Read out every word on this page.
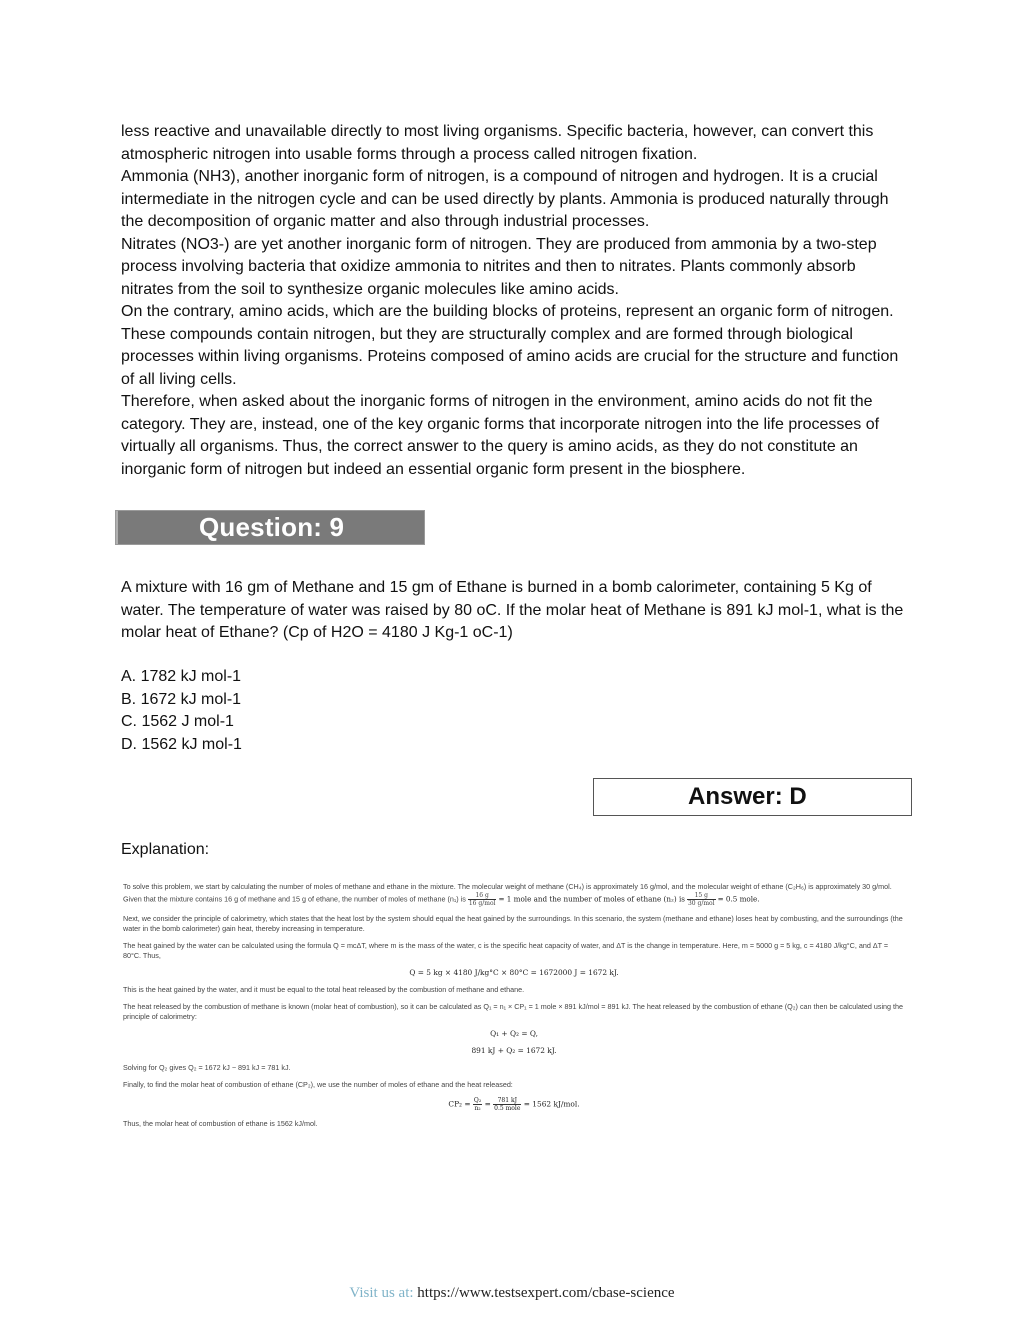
less reactive and unavailable directly to most living organisms. Specific bacteria, however, can convert this atmospheric nitrogen into usable forms through a process called nitrogen fixation.

Ammonia (NH3), another inorganic form of nitrogen, is a compound of nitrogen and hydrogen. It is a crucial intermediate in the nitrogen cycle and can be used directly by plants. Ammonia is produced naturally through the decomposition of organic matter and also through industrial processes.

Nitrates (NO3-) are yet another inorganic form of nitrogen. They are produced from ammonia by a two-step process involving bacteria that oxidize ammonia to nitrites and then to nitrates. Plants commonly absorb nitrates from the soil to synthesize organic molecules like amino acids.

On the contrary, amino acids, which are the building blocks of proteins, represent an organic form of nitrogen. These compounds contain nitrogen, but they are structurally complex and are formed through biological processes within living organisms. Proteins composed of amino acids are crucial for the structure and function of all living cells.

Therefore, when asked about the inorganic forms of nitrogen in the environment, amino acids do not fit the category. They are, instead, one of the key organic forms that incorporate nitrogen into the life processes of virtually all organisms. Thus, the correct answer to the query is amino acids, as they do not constitute an inorganic form of nitrogen but indeed an essential organic form present in the biosphere.

Question: 9

A mixture with 16 gm of Methane and 15 gm of Ethane is burned in a bomb calorimeter, containing 5 Kg of water. The temperature of water was raised by 80 oC. If the molar heat of Methane is 891 kJ mol-1, what is the molar heat of Ethane? (Cp of H2O = 4180 J Kg-1 oC-1)

A. 1782 kJ mol-1

B. 1672 kJ mol-1

C. 1562 J mol-1

D. 1562 kJ mol-1

Answer: D
Explanation:

To solve this problem, we start by calculating the number of moles of methane and ethane in the mixture. The molecular weight of methane (CH₄) is approximately 16 g/mol, and the molecular weight of ethane (C₂H₆) is approximately 30 g/mol.

Given that the mixture contains 16 g of methane and 15 g of ethane, the number of moles of methane (n₁) is $\frac{16 g}{\text{16 g/mol}} = 1$ mole and the number of moles of ethane (n₂) is $\frac{15 g}{\text{30 g/mol}} = 0.5$ mole.

Next, we consider the principle of calorimetry, which states that the heat lost by the system should equal the heat gained by the surroundings. In this scenario, the system (methane and ethane) loses heat by combusting, and the surroundings (the water in the bomb calorimeter) gain heat, thereby increasing in temperature.

The heat gained by the water can be calculated using the formula Q = mcΔT, where m is the mass of the water, c is the specific heat capacity of water, and ΔT is the change in temperature. Here, m = 5000 g = 5 kg, c = 4180 J/kg°C, and ΔT = 80°C. Thus,

Q = 5 kg × 4180 J/kg°C × 80°C = 1672000 J = 1672 kJ.

This is the heat gained by the water, and it must be equal to the total heat released by the combustion of methane and ethane.

The heat released by the combustion of methane is known (molar heat of combustion), so it can be calculated as Q₁ = n₁ × CP₁ = 1 mole × 891 kJ/mol = 891 kJ. The heat released by the combustion of ethane (Q₂) can then be calculated using the principle of calorimetry:

Q₁ + Q₂ = Q,

891 kJ + Q₂ = 1672 kJ.

Solving for Q₂ gives Q₂ = 1672 kJ − 891 kJ = 781 kJ.

Finally, to find the molar heat of combustion of ethane (CP₂), we use the number of moles of ethane and the heat released:

$CP_2 = \frac{\text{Q₂}}{\text{n₂}} = \frac{781 kJ}{\text{0.5 mole}} = 1562$ kJ/mol.

Thus, the molar heat of combustion of ethane is 1562 kJ/mol.

Visit us at: https://www.testsexpert.com/cbase-science
